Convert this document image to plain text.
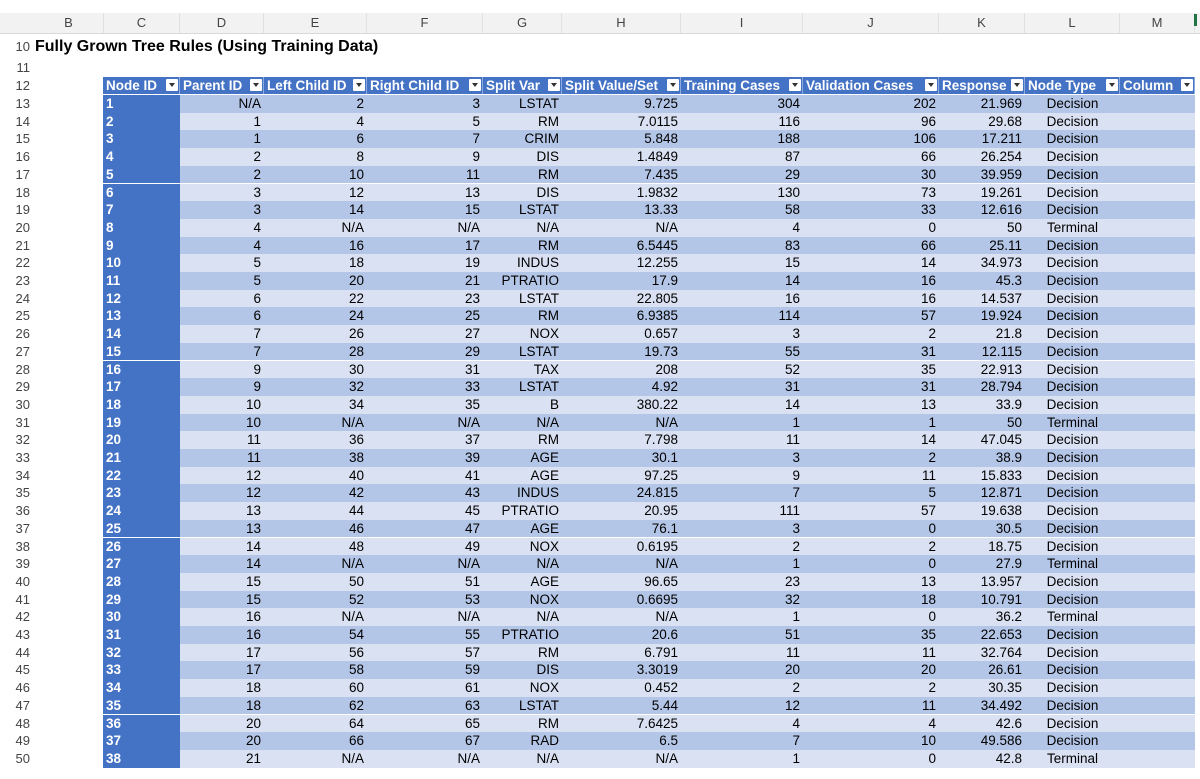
B	C	D	E	F	G	H	I	J	K	L	M
10
11
12
Fully Grown Tree Rules (Using Training Data)
Node ID	Parent ID	Left Child ID	Right Child ID	Split Var	Split Value/Set	Training Cases	Validation Cases	Response	Node Type	Column
13	1	N/A	2	3	LSTAT	9.725	304	202	21.969	Decision
14	2	1	4	5	RM	7.0115	116	96	29.68	Decision
15	3	1	6	7	CRIM	5.848	188	106	17.211	Decision
16	4	2	8	9	DIS	1.4849	87	66	26.254	Decision
17	5	2	10	11	RM	7.435	29	30	39.959	Decision
18	6	3	12	13	DIS	1.9832	130	73	19.261	Decision
19	7	3	14	15	LSTAT	13.33	58	33	12.616	Decision
20	8	4	N/A	N/A	N/A	N/A	4	0	50	Terminal
21	9	4	16	17	RM	6.5445	83	66	25.11	Decision
22	10	5	18	19	INDUS	12.255	15	14	34.973	Decision
23	11	5	20	21	PTRATIO	17.9	14	16	45.3	Decision
24	12	6	22	23	LSTAT	22.805	16	16	14.537	Decision
25	13	6	24	25	RM	6.9385	114	57	19.924	Decision
26	14	7	26	27	NOX	0.657	3	2	21.8	Decision
27	15	7	28	29	LSTAT	19.73	55	31	12.115	Decision
28	16	9	30	31	TAX	208	52	35	22.913	Decision
29	17	9	32	33	LSTAT	4.92	31	31	28.794	Decision
30	18	10	34	35	B	380.22	14	13	33.9	Decision
31	19	10	N/A	N/A	N/A	N/A	1	1	50	Terminal
32	20	11	36	37	RM	7.798	11	14	47.045	Decision
33	21	11	38	39	AGE	30.1	3	2	38.9	Decision
34	22	12	40	41	AGE	97.25	9	11	15.833	Decision
35	23	12	42	43	INDUS	24.815	7	5	12.871	Decision
36	24	13	44	45	PTRATIO	20.95	111	57	19.638	Decision
37	25	13	46	47	AGE	76.1	3	0	30.5	Decision
38	26	14	48	49	NOX	0.6195	2	2	18.75	Decision
39	27	14	N/A	N/A	N/A	N/A	1	0	27.9	Terminal
40	28	15	50	51	AGE	96.65	23	13	13.957	Decision
41	29	15	52	53	NOX	0.6695	32	18	10.791	Decision
42	30	16	N/A	N/A	N/A	N/A	1	0	36.2	Terminal
43	31	16	54	55	PTRATIO	20.6	51	35	22.653	Decision
44	32	17	56	57	RM	6.791	11	11	32.764	Decision
45	33	17	58	59	DIS	3.3019	20	20	26.61	Decision
46	34	18	60	61	NOX	0.452	2	2	30.35	Decision
47	35	18	62	63	LSTAT	5.44	12	11	34.492	Decision
48	36	20	64	65	RM	7.6425	4	4	42.6	Decision
49	37	20	66	67	RAD	6.5	7	10	49.586	Decision
50	38	21	N/A	N/A	N/A	N/A	1	0	42.8	Terminal
